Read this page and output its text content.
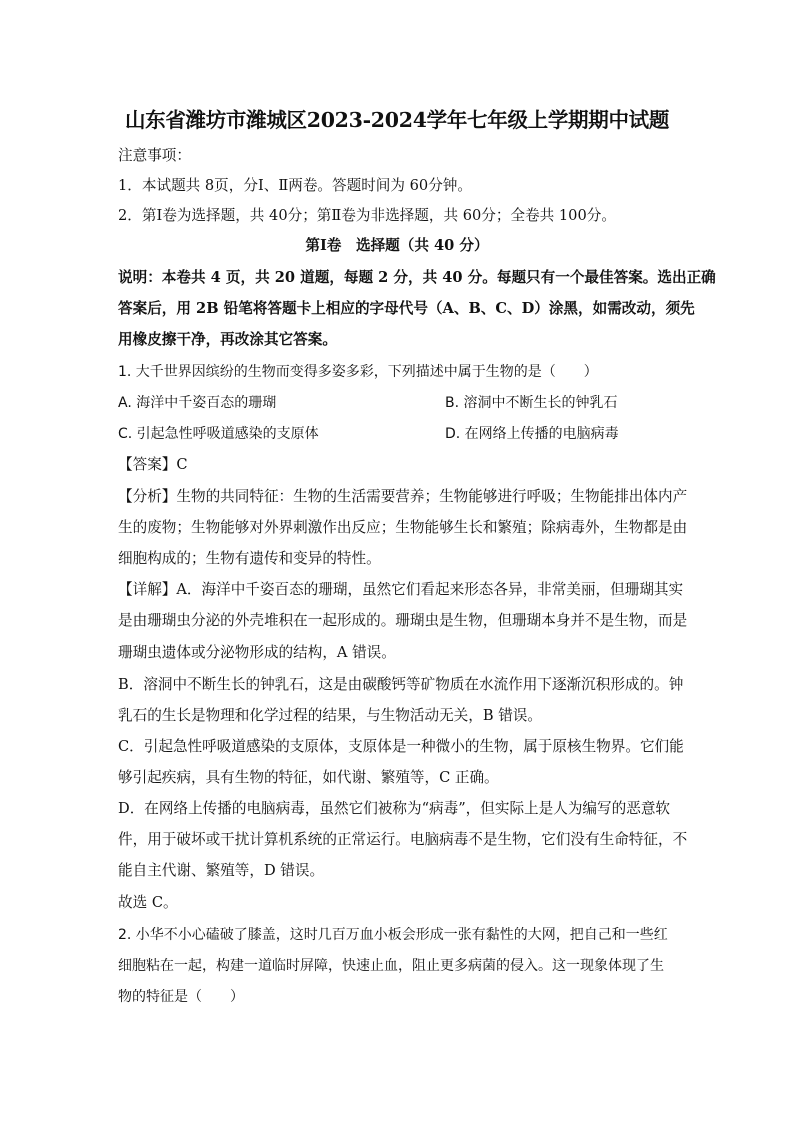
山东省潍坊市潍城区2023-2024学年七年级上学期期中试题
注意事项：
1．本试题共 8页，分Ⅰ、Ⅱ两卷。答题时间为 60分钟。
2．第Ⅰ卷为选择题，共 40分；第Ⅱ卷为非选择题，共 60分；全卷共 100分。
第Ⅰ卷　选择题（共 40 分）
说明：本卷共 4 页，共 20 道题，每题 2 分，共 40 分。每题只有一个最佳答案。选出正确
答案后，用 2B 铅笔将答题卡上相应的字母代号（A、B、C、D）涂黑，如需改动，须先
用橡皮擦干净，再改涂其它答案。
1. 大千世界因缤纷的生物而变得多姿多彩，下列描述中属于生物的是（　　）
A. 海洋中千姿百态的珊瑚	B. 溶洞中不断生长的钟乳石
C. 引起急性呼吸道感染的支原体	D. 在网络上传播的电脑病毒
【答案】C
【分析】生物的共同特征：生物的生活需要营养；生物能够进行呼吸；生物能排出体内产
生的废物；生物能够对外界刺激作出反应；生物能够生长和繁殖；除病毒外，生物都是由
细胞构成的；生物有遗传和变异的特性。
【详解】A．海洋中千姿百态的珊瑚，虽然它们看起来形态各异，非常美丽，但珊瑚其实
是由珊瑚虫分泌的外壳堆积在一起形成的。珊瑚虫是生物，但珊瑚本身并不是生物，而是
珊瑚虫遗体或分泌物形成的结构，A 错误。
B．溶洞中不断生长的钟乳石，这是由碳酸钙等矿物质在水流作用下逐渐沉积形成的。钟
乳石的生长是物理和化学过程的结果，与生物活动无关，B 错误。
C．引起急性呼吸道感染的支原体，支原体是一种微小的生物，属于原核生物界。它们能
够引起疾病，具有生物的特征，如代谢、繁殖等，C 正确。
D．在网络上传播的电脑病毒，虽然它们被称为“病毒”，但实际上是人为编写的恶意软
件，用于破坏或干扰计算机系统的正常运行。电脑病毒不是生物，它们没有生命特征，不
能自主代谢、繁殖等，D 错误。
故选 C。
2. 小华不小心磕破了膝盖，这时几百万血小板会形成一张有黏性的大网，把自己和一些红
细胞粘在一起，构建一道临时屏障，快速止血，阻止更多病菌的侵入。这一现象体现了生
物的特征是（　　）
